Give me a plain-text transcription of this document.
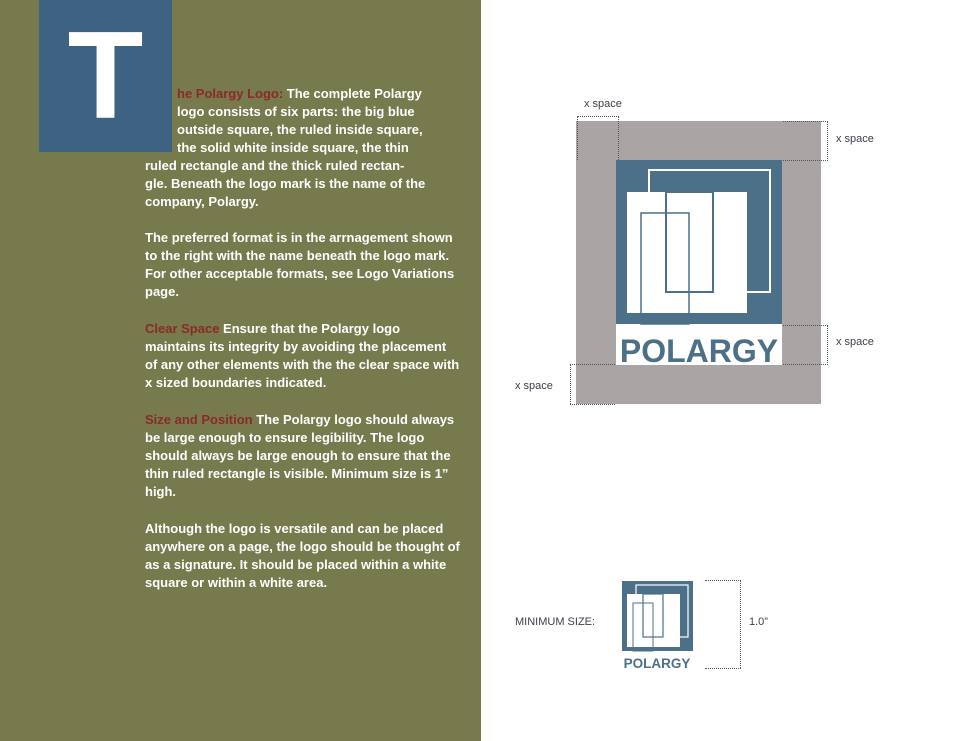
T	he Polargy Logo: The complete Polargy
logo consists of six parts: the big blue
outside square, the ruled inside square,
the solid white inside square, the thin
ruled rectangle and the thick ruled rectan-
gle. Beneath the logo mark is the name of the
company, Polargy.

The preferred format is in the arrnagement shown to the right with the name beneath the logo mark. For other acceptable formats, see Logo Variations page.

Clear Space Ensure that the Polargy logo maintains its integrity by avoiding the placement of any other elements with the the clear space with x sized boundaries indicated.

Size and Position The Polargy logo should always be large enough to ensure legibility. The logo should always be large enough to ensure that the thin ruled rectangle is visible. Minimum size is 1” high.

Although the logo is versatile and can be placed anywhere on a page, the logo should be thought of as a signature. It should be placed within a white square or within a white area.

POLARGY
x space
x space
x space
x space
MINIMUM SIZE:
POLARGY
1.0”
